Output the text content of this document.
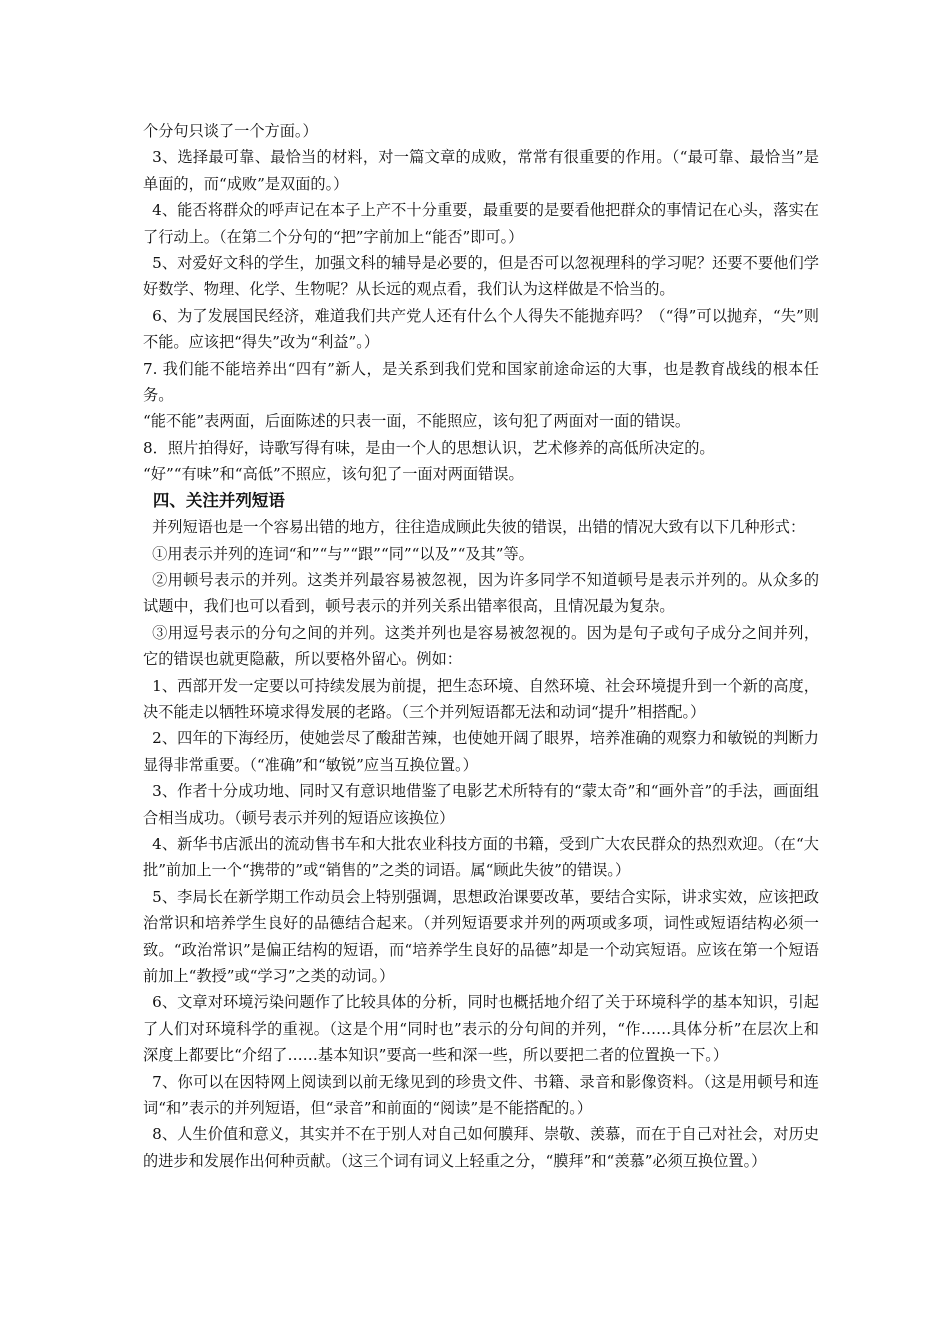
个分句只谈了一个方面。）

3、选择最可靠、最恰当的材料，对一篇文章的成败，常常有很重要的作用。（“最可靠、最恰当”是单面的，而“成败”是双面的。）

4、能否将群众的呼声记在本子上产不十分重要，最重要的是要看他把群众的事情记在心头，落实在了行动上。（在第二个分句的“把”字前加上“能否”即可。）

5、对爱好文科的学生，加强文科的辅导是必要的，但是否可以忽视理科的学习呢？还要不要他们学好数学、物理、化学、生物呢？从长远的观点看，我们认为这样做是不恰当的。

6、为了发展国民经济，难道我们共产党人还有什么个人得失不能抛弃吗？（“得”可以抛弃，“失”则不能。应该把“得失”改为“利益”。）

7. 我们能不能培养出“四有”新人，是关系到我们党和国家前途命运的大事，也是教育战线的根本任务。

“能不能”表两面，后面陈述的只表一面，不能照应，该句犯了两面对一面的错误。

8．照片拍得好，诗歌写得有味，是由一个人的思想认识，艺术修养的高低所决定的。

“好”“有味”和“高低”不照应，该句犯了一面对两面错误。

四、关注并列短语

并列短语也是一个容易出错的地方，往往造成顾此失彼的错误，出错的情况大致有以下几种形式：

①用表示并列的连词“和”“与”“跟”“同”“以及”“及其”等。

②用顿号表示的并列。这类并列最容易被忽视，因为许多同学不知道顿号是表示并列的。从众多的试题中，我们也可以看到，顿号表示的并列关系出错率很高，且情况最为复杂。

③用逗号表示的分句之间的并列。这类并列也是容易被忽视的。因为是句子或句子成分之间并列，它的错误也就更隐蔽，所以要格外留心。例如：

1、西部开发一定要以可持续发展为前提，把生态环境、自然环境、社会环境提升到一个新的高度，决不能走以牺牲环境求得发展的老路。（三个并列短语都无法和动词“提升”相搭配。）

2、四年的下海经历，使她尝尽了酸甜苦辣，也使她开阔了眼界，培养准确的观察力和敏锐的判断力显得非常重要。（“准确”和“敏锐”应当互换位置。）

3、作者十分成功地、同时又有意识地借鉴了电影艺术所特有的“蒙太奇”和“画外音”的手法，画面组合相当成功。（顿号表示并列的短语应该换位）

4、新华书店派出的流动售书车和大批农业科技方面的书籍，受到广大农民群众的热烈欢迎。（在“大批”前加上一个“携带的”或“销售的”之类的词语。属“顾此失彼”的错误。）

5、李局长在新学期工作动员会上特别强调，思想政治课要改革，要结合实际，讲求实效，应该把政治常识和培养学生良好的品德结合起来。（并列短语要求并列的两项或多项，词性或短语结构必须一致。“政治常识”是偏正结构的短语，而“培养学生良好的品德”却是一个动宾短语。应该在第一个短语前加上“教授”或“学习”之类的动词。）

6、文章对环境污染问题作了比较具体的分析，同时也概括地介绍了关于环境科学的基本知识，引起了人们对环境科学的重视。（这是个用“同时也”表示的分句间的并列，“作……具体分析”在层次上和深度上都要比“介绍了……基本知识”要高一些和深一些，所以要把二者的位置换一下。）

7、你可以在因特网上阅读到以前无缘见到的珍贵文件、书籍、录音和影像资料。（这是用顿号和连词“和”表示的并列短语，但“录音”和前面的“阅读”是不能搭配的。）

8、人生价值和意义，其实并不在于别人对自己如何膜拜、崇敬、羡慕，而在于自己对社会，对历史的进步和发展作出何种贡献。（这三个词有词义上轻重之分，“膜拜”和“羡慕”必须互换位置。）
